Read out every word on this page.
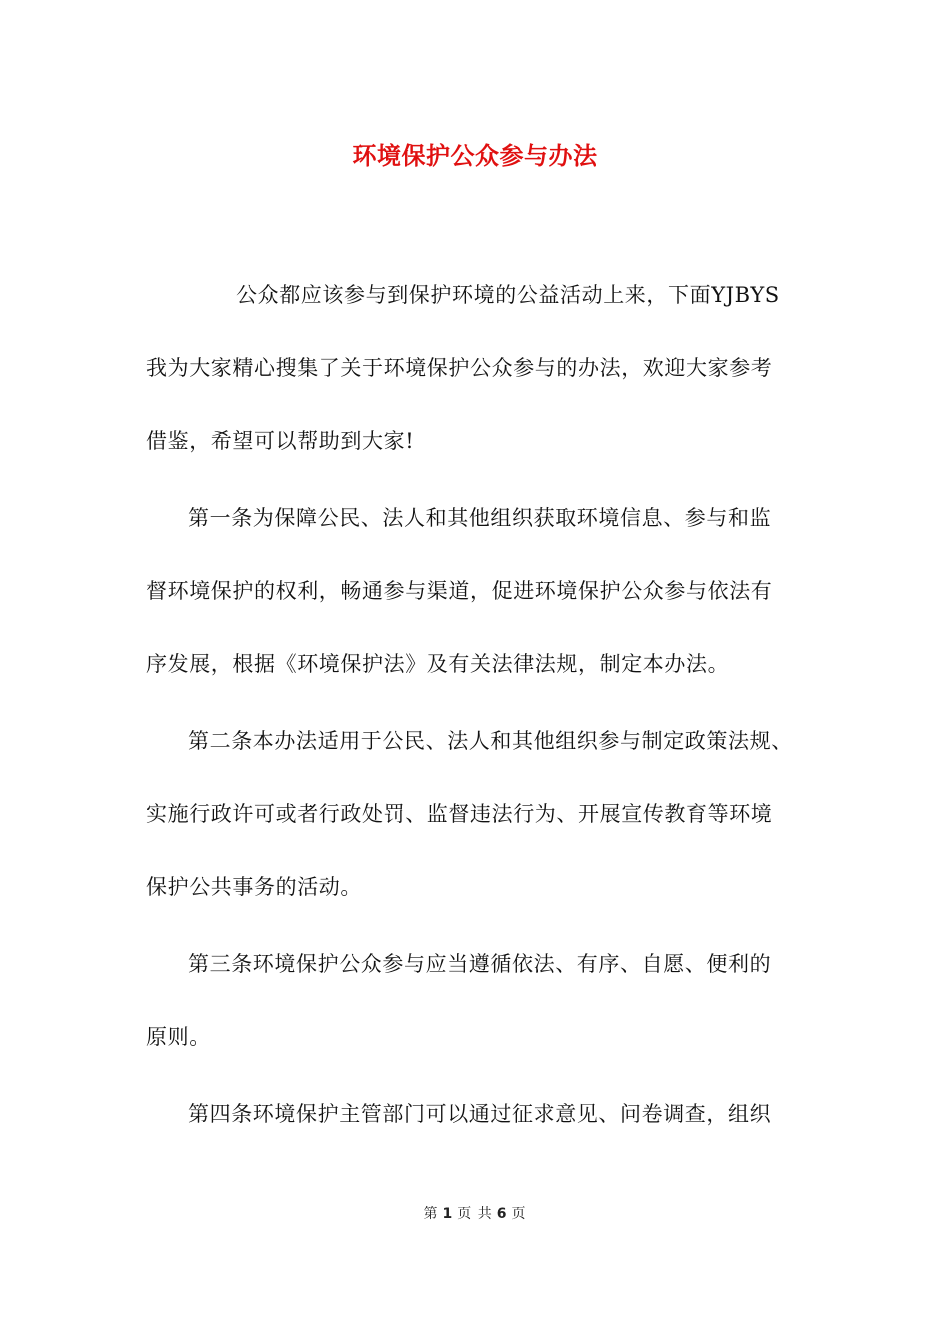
环境保护公众参与办法
公众都应该参与到保护环境的公益活动上来，下面YJBYS
我为大家精心搜集了关于环境保护公众参与的办法，欢迎大家参考
借鉴，希望可以帮助到大家!
第一条为保障公民、法人和其他组织获取环境信息、参与和监
督环境保护的权利，畅通参与渠道，促进环境保护公众参与依法有
序发展，根据《环境保护法》及有关法律法规，制定本办法。
第二条本办法适用于公民、法人和其他组织参与制定政策法规、
实施行政许可或者行政处罚、监督违法行为、开展宣传教育等环境
保护公共事务的活动。
第三条环境保护公众参与应当遵循依法、有序、自愿、便利的
原则。
第四条环境保护主管部门可以通过征求意见、问卷调查，组织
第 1 页 共 6 页
